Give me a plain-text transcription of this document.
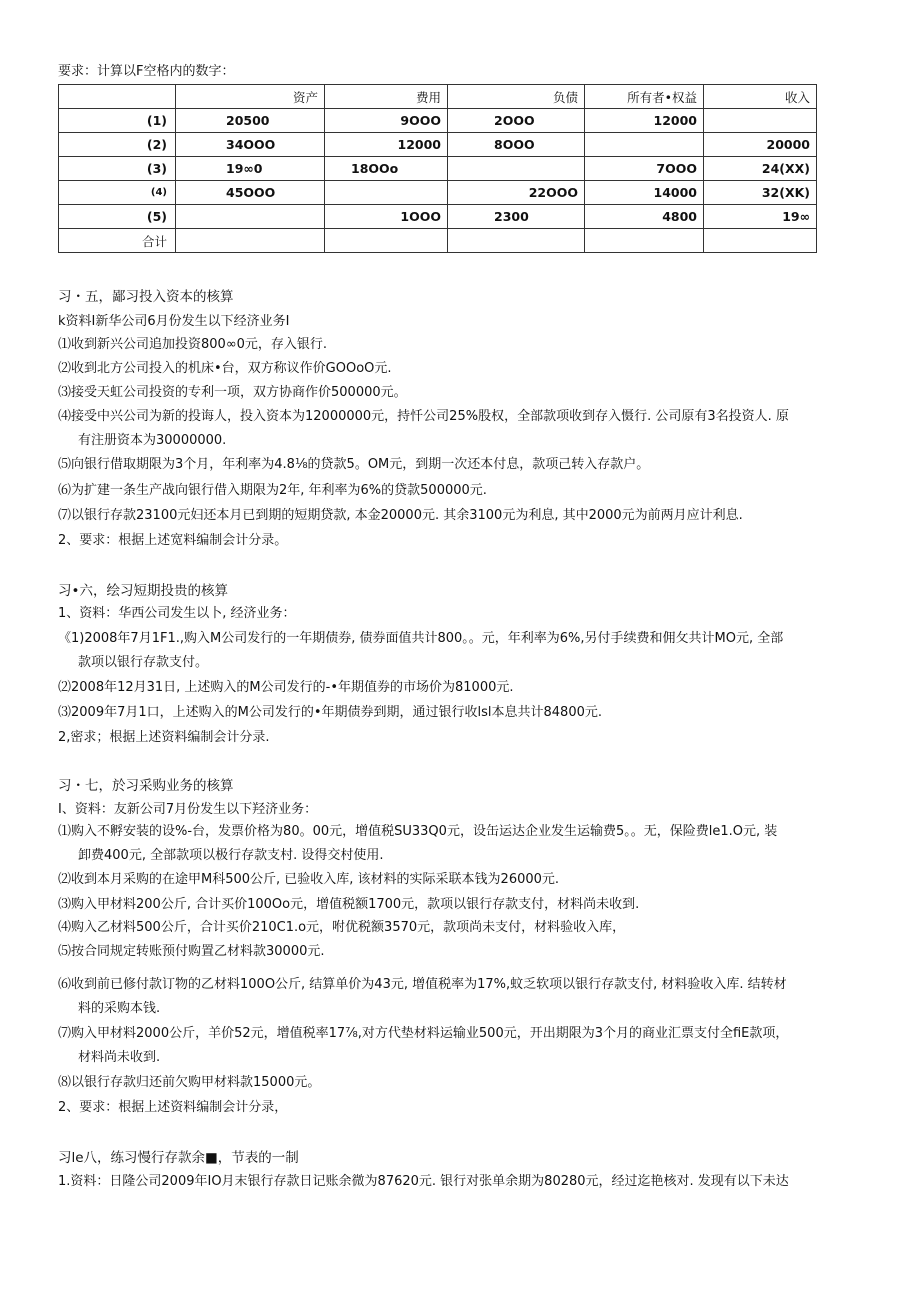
要求：计算以F空格内的数字：
	资产	费用	负债	所有者•权益	收入
(1)	20500	9OOO	2OOO	12000	
(2)	34OOO	12000	8OOO		20000
(3)	19∞0	18OOo		7OOO	24(XX)
(4)	45OOO		22OOO	14000	32(XK)
(5)		1OOO	2300	4800	19∞
合计					
习・五，鄙习投入资本的核算
k资料I新华公司6月份发生以下经济业务I
⑴收到新兴公司追加投资800∞0元，存入银行.
⑵收到北方公司投入的机床•台，双方称议作价GOOoO元.
⑶接受天虹公司投资的专利一项，双方协商作价500000元。
⑷接受中兴公司为新的投诲人，投入资本为12000000元，持忏公司25%股权，全部款项收到存入慑行. 公司原有3名投资人. 原
有注册资本为30000000.
⑸向银行借取期限为3个月，年利率为4.8⅛的贷款5。OM元，到期一次还本付息，款项己转入存款户。
⑹为扩建一条生产战向银行借入期限为2年, 年利率为6%的贷款500000元.
⑺以银行存款23100元妇还本月已到期的短期贷款, 本金20000元. 其余3100元为利息, 其中2000元为前两月应计利息.
2、要求：根据上述宽料编制会计分录。
习•六，绘习短期投贵的核算
1、资料：华西公司发生以卜, 经济业务：
《1)2008年7月1F1.,购入M公司发行的一年期债券, 债券面值共计800。。元，年利率为6%,另付手续费和佣攵共计MO元, 全部
款项以银行存款支付。
⑵2008年12月31日, 上述购入的M公司发行的-•年期值券的市场价为81000元.
⑶2009年7月1口，上述购入的M公司发行的•年期债券到期，通过银行收lsl本息共计84800元.
2,密求；根据上述资料编制会计分录.
习・七，於习采购业务的核算
I、资料：友新公司7月份发生以下羟济业务：
⑴购入不孵安装的设%-台，发票价格为80。00元，增值税SU33Q0元，设缶运达企业发生运输费5。。无，保险费le1.O元, 装
卸费400元, 全部款项以极行存款支村. 设得交村使用.
⑵收到本月采购的在途甲M科500公斤, 已验收入库, 该材料的实际采联本钱为26000元.
⑶购入甲材料200公斤, 合计买价100Oo元，增值税额1700元，款项以银行存款支付，材料尚未收到.
⑷购入乙材料500公斤，合计买价210C1.o元，咐优税额3570元，款项尚未支付，材料验收入库，
⑸按合同规定转账预付购置乙材料款30000元.
⑹收到前已修付款订物的乙材料100O公斤, 结算单价为43元, 增值税率为17%,蚊乏软项以银行存款支付, 材料验收入库. 结转材
料的采购本钱.
⑺购入甲材料2000公斤，羊价52元，增值税率17⅞,对方代垫材料运输业500元，开出期限为3个月的商业汇票支付全fiE款项，
材料尚未收到.
⑻以银行存款归还前欠购甲材料款15000元。
2、要求：根据上述资料编制会计分录，
习le八，练习慢行存款余■，节表的一制
1.资料：日隆公司2009年IO月末银行存款日记账余微为87620元. 银行对张单余期为80280元，经过迄艳核对. 发现有以下未达
